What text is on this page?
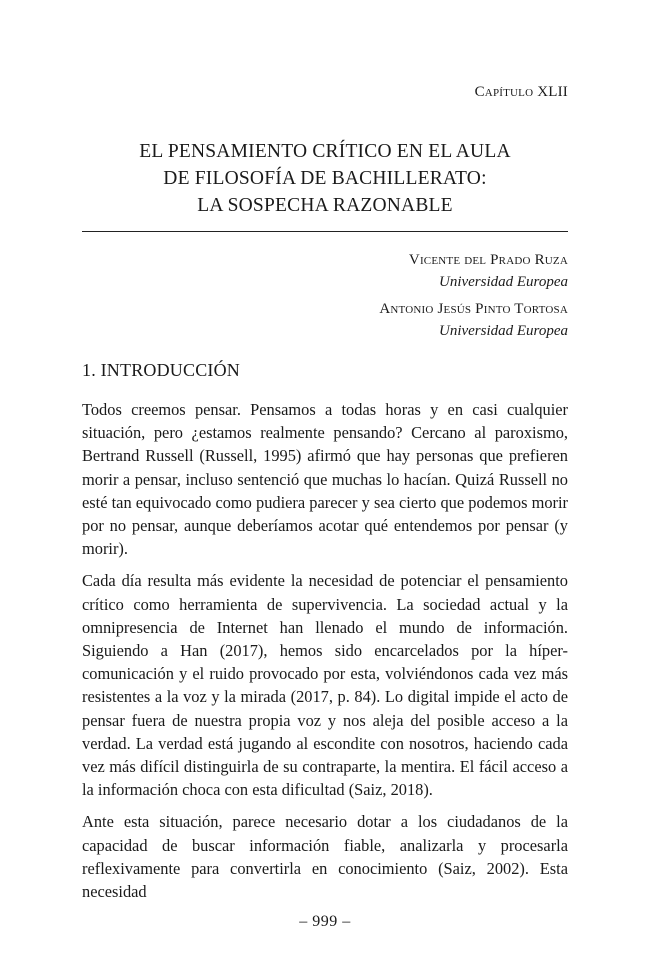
Capítulo XLII
EL PENSAMIENTO CRÍTICO EN EL AULA
DE FILOSOFÍA DE BACHILLERATO:
LA SOSPECHA RAZONABLE
Vicente del Prado Ruza
Universidad Europea
Antonio Jesús Pinto Tortosa
Universidad Europea
1. INTRODUCCIÓN

Todos creemos pensar. Pensamos a todas horas y en casi cualquier situación, pero ¿estamos realmente pensando? Cercano al paroxismo, Bertrand Russell (Russell, 1995) afirmó que hay personas que prefieren morir a pensar, incluso sentenció que muchas lo hacían. Quizá Russell no esté tan equivocado como pudiera parecer y sea cierto que podemos morir por no pensar, aunque deberíamos acotar qué entendemos por pensar (y morir).

Cada día resulta más evidente la necesidad de potenciar el pensamiento crítico como herramienta de supervivencia. La sociedad actual y la omnipresencia de Internet han llenado el mundo de información. Siguiendo a Han (2017), hemos sido encarcelados por la híper-comunicación y el ruido provocado por esta, volviéndonos cada vez más resistentes a la voz y la mirada (2017, p. 84). Lo digital impide el acto de pensar fuera de nuestra propia voz y nos aleja del posible acceso a la verdad. La verdad está jugando al escondite con nosotros, haciendo cada vez más difícil distinguirla de su contraparte, la mentira. El fácil acceso a la información choca con esta dificultad (Saiz, 2018).

Ante esta situación, parece necesario dotar a los ciudadanos de la capacidad de buscar información fiable, analizarla y procesarla reflexivamente para convertirla en conocimiento (Saiz, 2002). Esta necesidad

– 999 –
